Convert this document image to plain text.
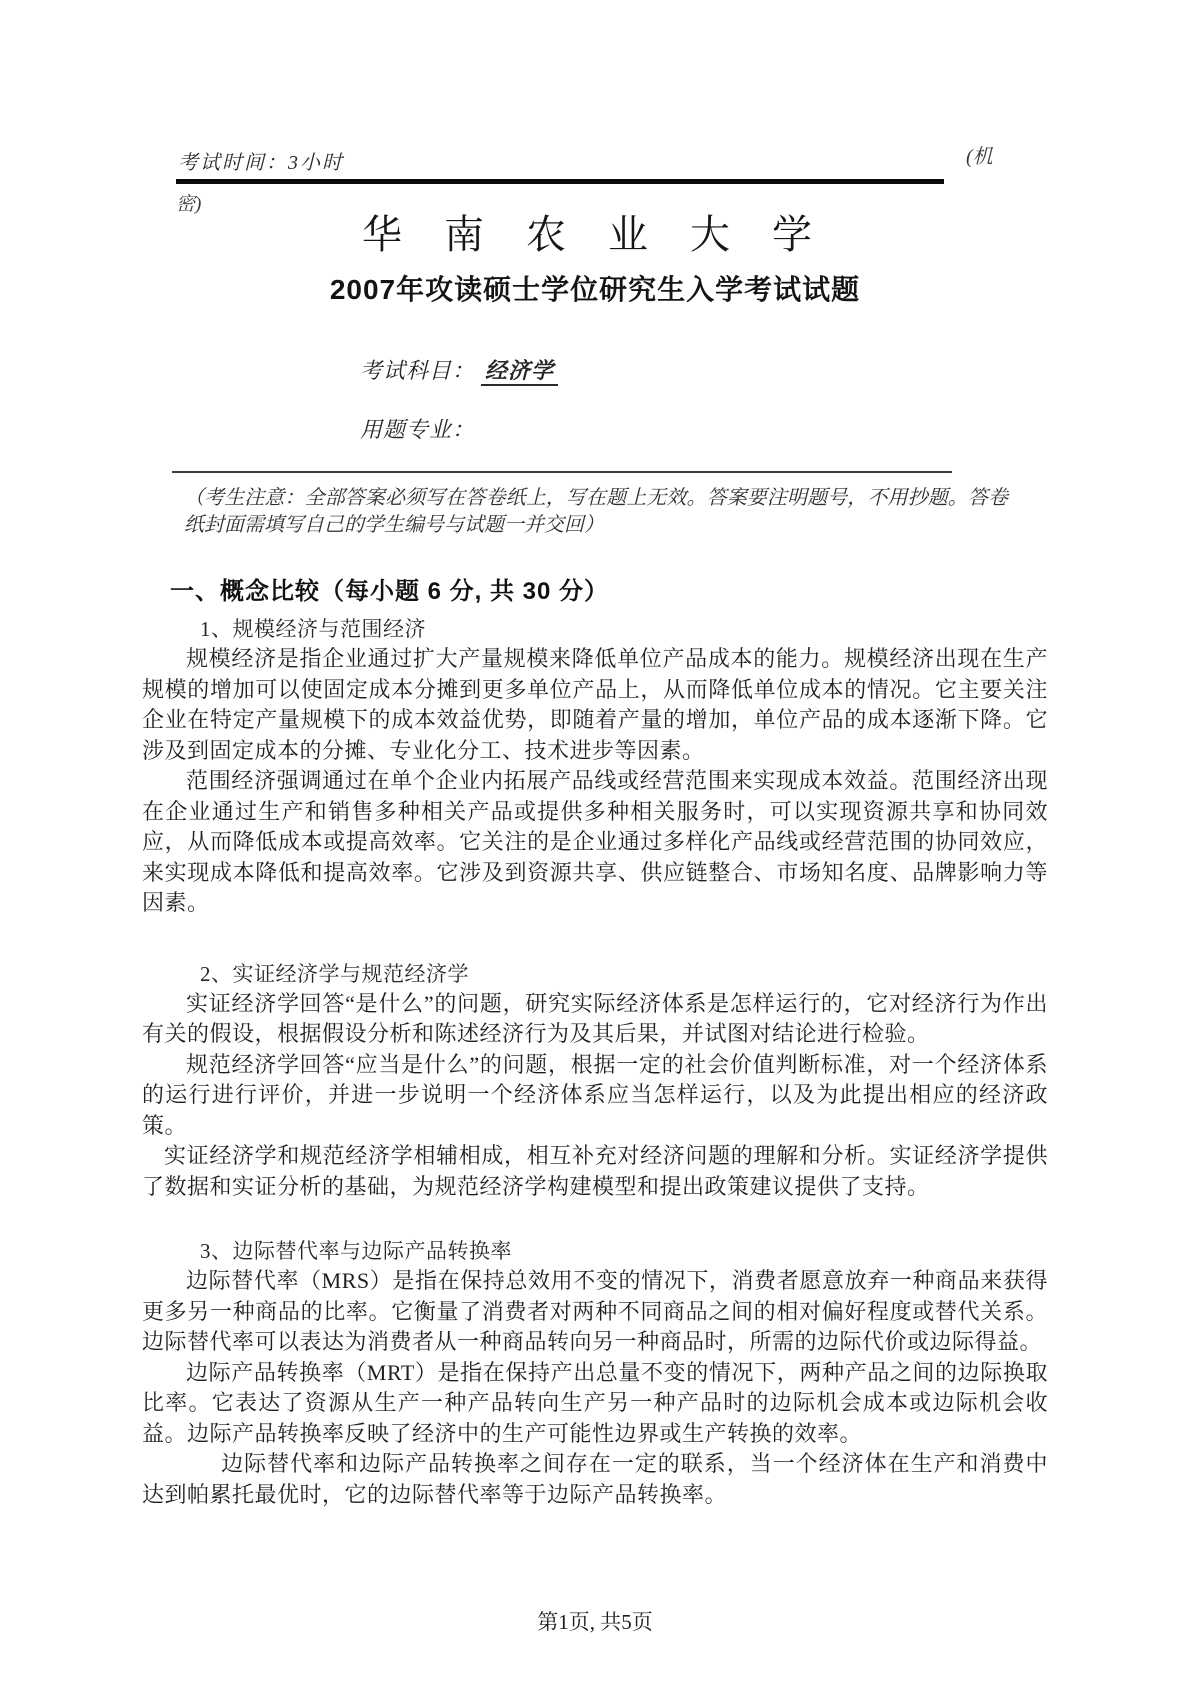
考试时间：3小时	(机
密)
华 南 农 业 大 学
2007年攻读硕士学位研究生入学考试试题
考试科目： 经济学
用题专业：
（考生注意：全部答案必须写在答卷纸上，写在题上无效。答案要注明题号，不用抄题。答卷纸封面需填写自己的学生编号与试题一并交回）
一、概念比较（每小题 6 分, 共 30 分）
1、规模经济与范围经济

规模经济是指企业通过扩大产量规模来降低单位产品成本的能力。规模经济出现在生产规模的增加可以使固定成本分摊到更多单位产品上，从而降低单位成本的情况。它主要关注企业在特定产量规模下的成本效益优势，即随着产量的增加，单位产品的成本逐渐下降。它涉及到固定成本的分摊、专业化分工、技术进步等因素。

范围经济强调通过在单个企业内拓展产品线或经营范围来实现成本效益。范围经济出现在企业通过生产和销售多种相关产品或提供多种相关服务时，可以实现资源共享和协同效应，从而降低成本或提高效率。它关注的是企业通过多样化产品线或经营范围的协同效应，来实现成本降低和提高效率。它涉及到资源共享、供应链整合、市场知名度、品牌影响力等因素。

2、实证经济学与规范经济学

实证经济学回答“是什么”的问题，研究实际经济体系是怎样运行的，它对经济行为作出有关的假设，根据假设分析和陈述经济行为及其后果，并试图对结论进行检验。

规范经济学回答“应当是什么”的问题，根据一定的社会价值判断标准，对一个经济体系的运行进行评价，并进一步说明一个经济体系应当怎样运行，以及为此提出相应的经济政策。

实证经济学和规范经济学相辅相成，相互补充对经济问题的理解和分析。实证经济学提供了数据和实证分析的基础，为规范经济学构建模型和提出政策建议提供了支持。

3、边际替代率与边际产品转换率

边际替代率（MRS）是指在保持总效用不变的情况下，消费者愿意放弃一种商品来获得更多另一种商品的比率。它衡量了消费者对两种不同商品之间的相对偏好程度或替代关系。边际替代率可以表达为消费者从一种商品转向另一种商品时，所需的边际代价或边际得益。

边际产品转换率（MRT）是指在保持产出总量不变的情况下，两种产品之间的边际换取比率。它表达了资源从生产一种产品转向生产另一种产品时的边际机会成本或边际机会收益。边际产品转换率反映了经济中的生产可能性边界或生产转换的效率。

边际替代率和边际产品转换率之间存在一定的联系，当一个经济体在生产和消费中达到帕累托最优时，它的边际替代率等于边际产品转换率。

第1页, 共5页
